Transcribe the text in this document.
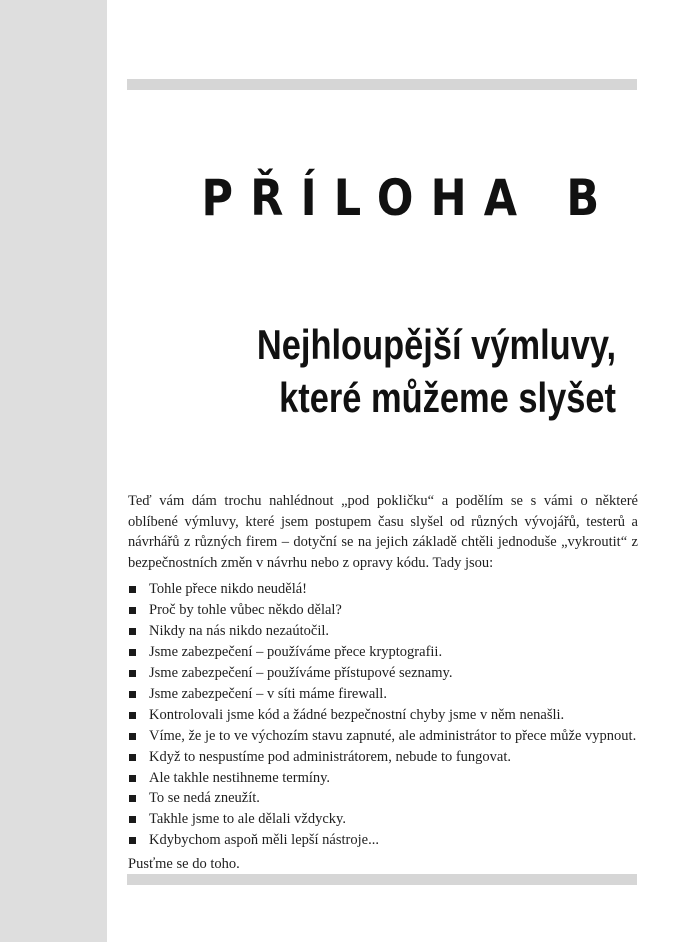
PŘÍLOHA B
Nejhloupější výmluvy,
které můžeme slyšet

Teď vám dám trochu nahlédnout „pod pokličku“ a podělím se s vámi o některé oblíbené výmluvy, které jsem postupem času slyšel od různých vývojářů, testerů a návrhářů z různých firem – dotyční se na jejich základě chtěli jednoduše „vykroutit“ z bezpečnostních změn v návrhu nebo z opravy kódu. Tady jsou:

Tohle přece nikdo neudělá!
Proč by tohle vůbec někdo dělal?
Nikdy na nás nikdo nezaútočil.
Jsme zabezpečení – používáme přece kryptografii.
Jsme zabezpečení – používáme přístupové seznamy.
Jsme zabezpečení – v síti máme firewall.
Kontrolovali jsme kód a žádné bezpečnostní chyby jsme v něm nenašli.
Víme, že je to ve výchozím stavu zapnuté, ale administrátor to přece může vypnout.
Když to nespustíme pod administrátorem, nebude to fungovat.
Ale takhle nestihneme termíny.
To se nedá zneužít.
Takhle jsme to ale dělali vždycky.
Kdybychom aspoň měli lepší nástroje...

Pusťme se do toho.
